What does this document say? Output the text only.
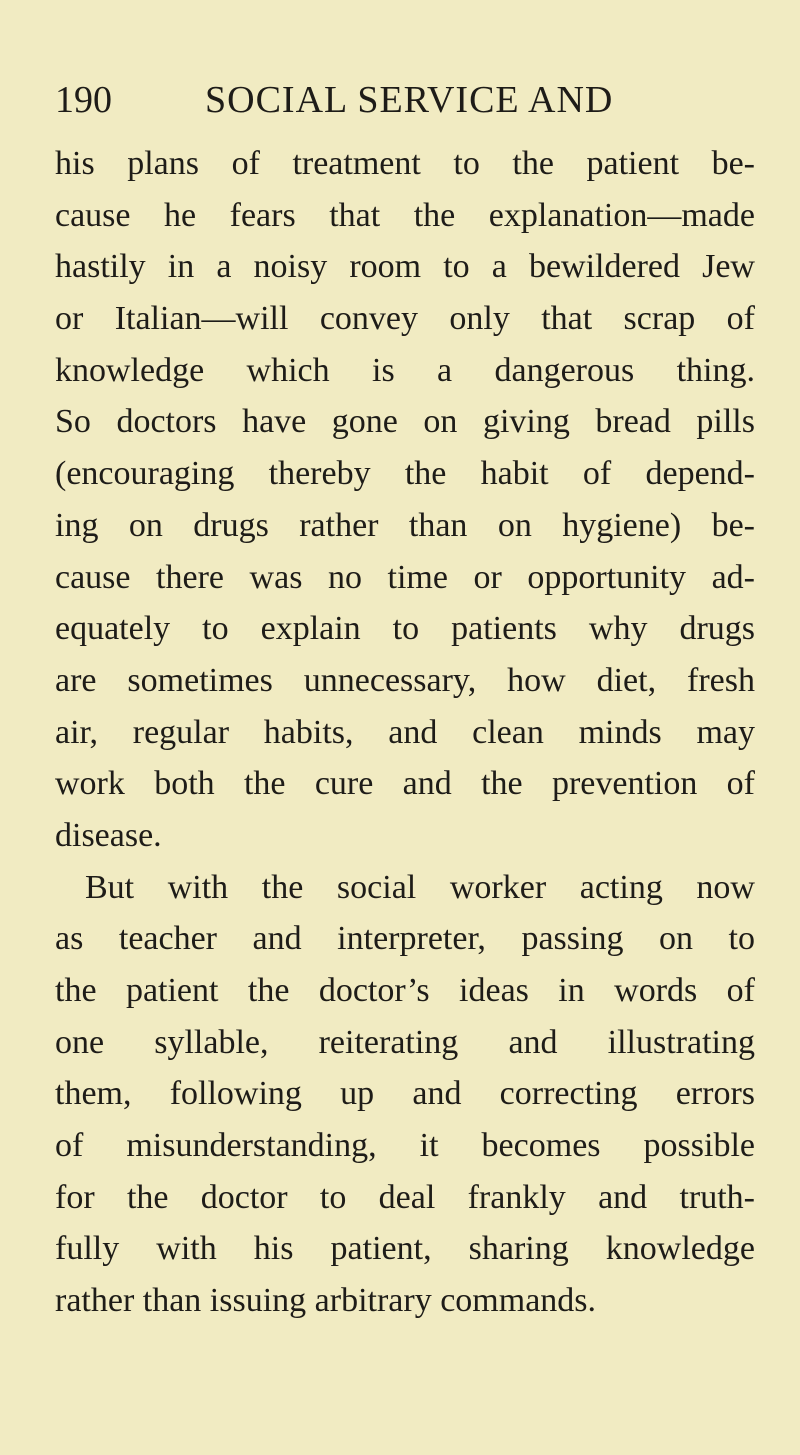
190 SOCIAL SERVICE AND
his plans of treatment to the patient be-
cause he fears that the explanation—made
hastily in a noisy room to a bewildered Jew
or Italian—will convey only that scrap of
knowledge which is a dangerous thing.
So doctors have gone on giving bread pills
(encouraging thereby the habit of depend-
ing on drugs rather than on hygiene) be-
cause there was no time or opportunity ad-
equately to explain to patients why drugs
are sometimes unnecessary, how diet, fresh
air, regular habits, and clean minds may
work both the cure and the prevention of
disease.
But with the social worker acting now
as teacher and interpreter, passing on to
the patient the doctor’s ideas in words of
one syllable, reiterating and illustrating
them, following up and correcting errors
of misunderstanding, it becomes possible
for the doctor to deal frankly and truth-
fully with his patient, sharing knowledge
rather than issuing arbitrary commands.
